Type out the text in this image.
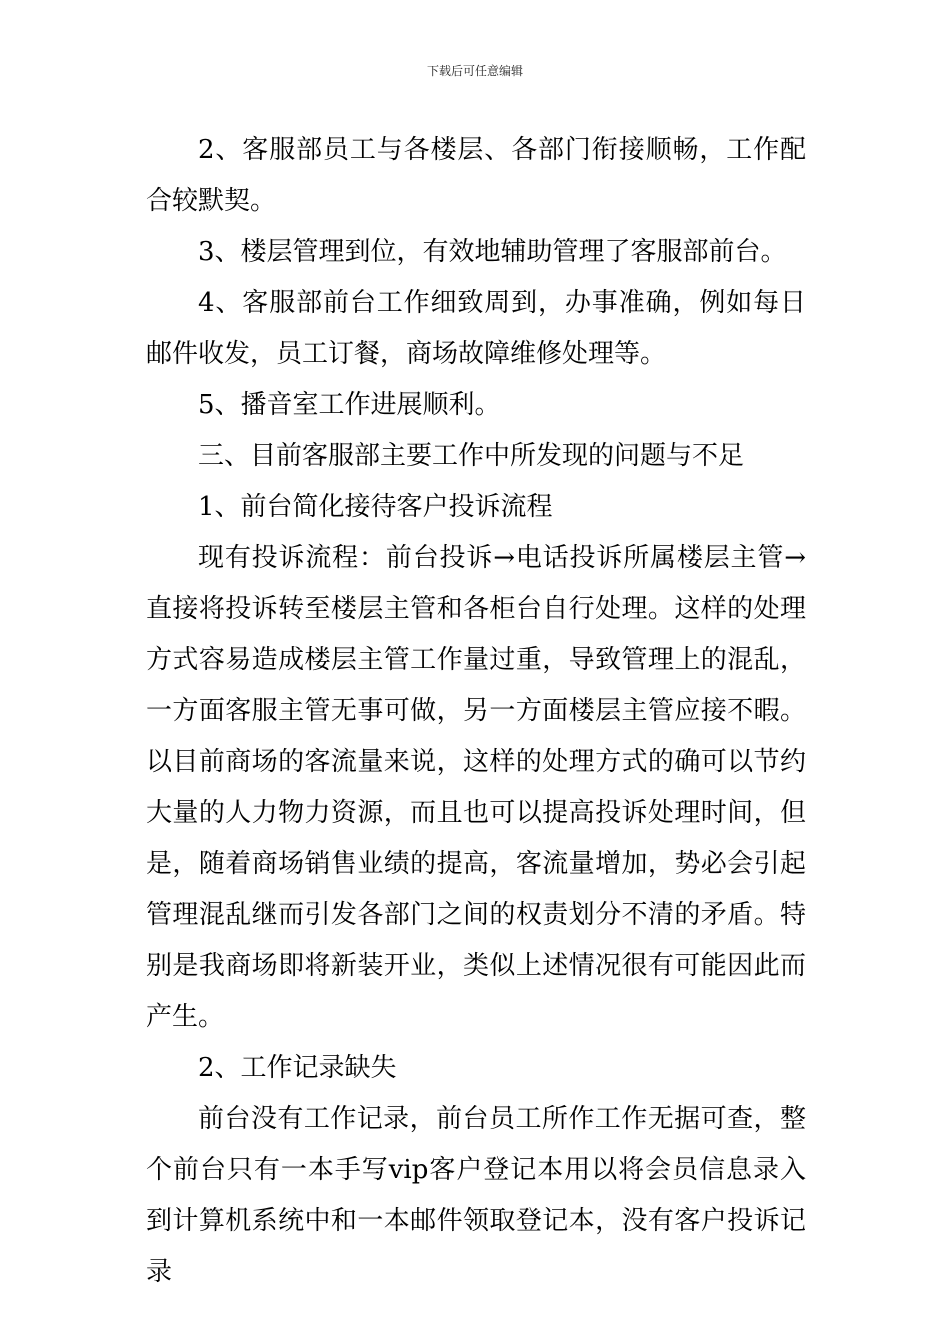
下载后可任意编辑

2、客服部员工与各楼层、各部门衔接顺畅，工作配合较默契。

3、楼层管理到位，有效地辅助管理了客服部前台。

4、客服部前台工作细致周到，办事准确，例如每日邮件收发，员工订餐，商场故障维修处理等。

5、播音室工作进展顺利。

三、目前客服部主要工作中所发现的问题与不足

1、前台简化接待客户投诉流程

现有投诉流程：前台投诉→电话投诉所属楼层主管→直接将投诉转至楼层主管和各柜台自行处理。这样的处理方式容易造成楼层主管工作量过重，导致管理上的混乱，一方面客服主管无事可做，另一方面楼层主管应接不暇。以目前商场的客流量来说，这样的处理方式的确可以节约大量的人力物力资源，而且也可以提高投诉处理时间，但是，随着商场销售业绩的提高，客流量增加，势必会引起管理混乱继而引发各部门之间的权责划分不清的矛盾。特别是我商场即将新装开业，类似上述情况很有可能因此而产生。

2、工作记录缺失

前台没有工作记录，前台员工所作工作无据可查，整个前台只有一本手写vip客户登记本用以将会员信息录入到计算机系统中和一本邮件领取登记本，没有客户投诉记录
